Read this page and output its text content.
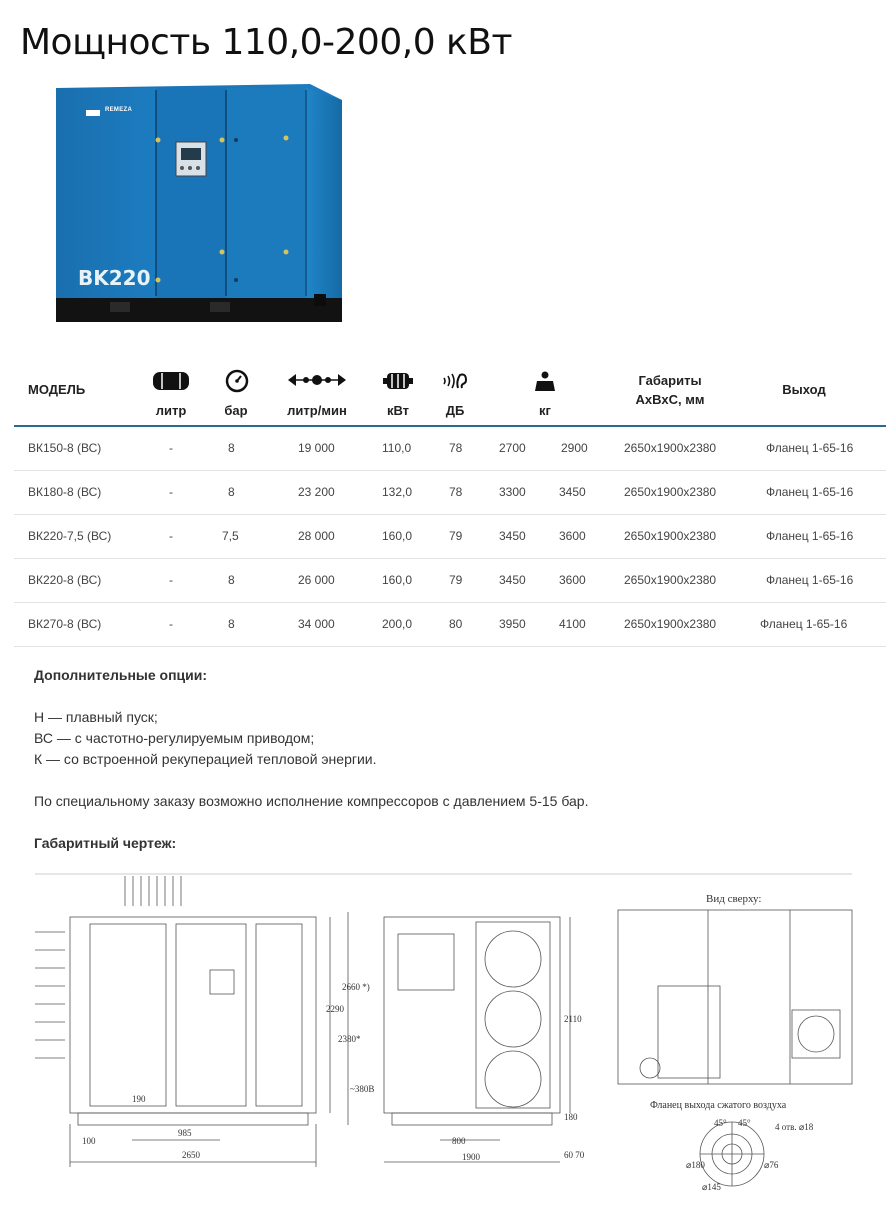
Мощность 110,0-200,0 кВт
REMEZA
BK220
МОДЕЛЬ
литр	бар	литр/мин	кВт	ДБ	кг
Габариты
АхВхС, мм
Выход
ВК150-8 (ВС)	-	8	19 000	110,0	78	2700	2900	2650х1900х2380	Фланец 1-65-16
ВК180-8 (ВС)	-	8	23 200	132,0	78	3300	3450	2650х1900х2380	Фланец 1-65-16
ВК220-7,5 (ВС)	-	7,5	28 000	160,0	79	3450	3600	2650х1900х2380	Фланец 1-65-16
ВК220-8 (ВС)	-	8	26 000	160,0	79	3450	3600	2650х1900х2380	Фланец 1-65-16
ВК270-8 (ВС)	-	8	34 000	200,0	80	3950	4100	2650х1900х2380	Фланец 1-65-16
Дополнительные опции:
Н — плавный пуск;
ВС — с частотно-регулируемым приводом;
К — со встроенной рекуперацией тепловой энергии.
По специальному заказу возможно исполнение компрессоров с давлением 5-15 бар.
Габаритный чертеж:
190
100
985
2650
2290
2380*
2660 *)
~380В
800
1900
2110
180
60 70
Вид сверху:
Фланец выхода сжатого воздуха
45° 45°	4 отв. ⌀18
⌀180	⌀76
⌀145
